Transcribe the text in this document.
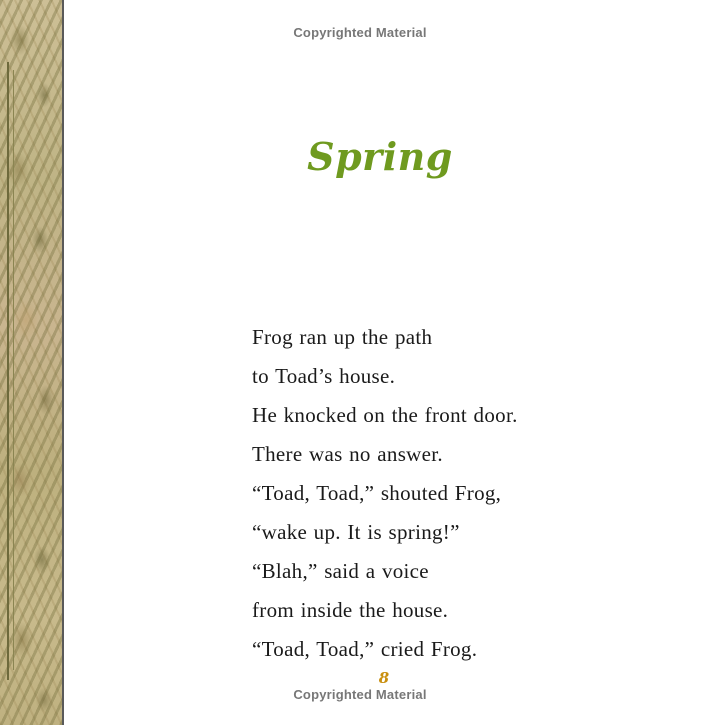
Copyrighted Material
Spring
Frog ran up the path
to Toad’s house.
He knocked on the front door.
There was no answer.
“Toad, Toad,” shouted Frog,
“wake up. It is spring!”
“Blah,” said a voice
from inside the house.
“Toad, Toad,” cried Frog.
8
Copyrighted Material
